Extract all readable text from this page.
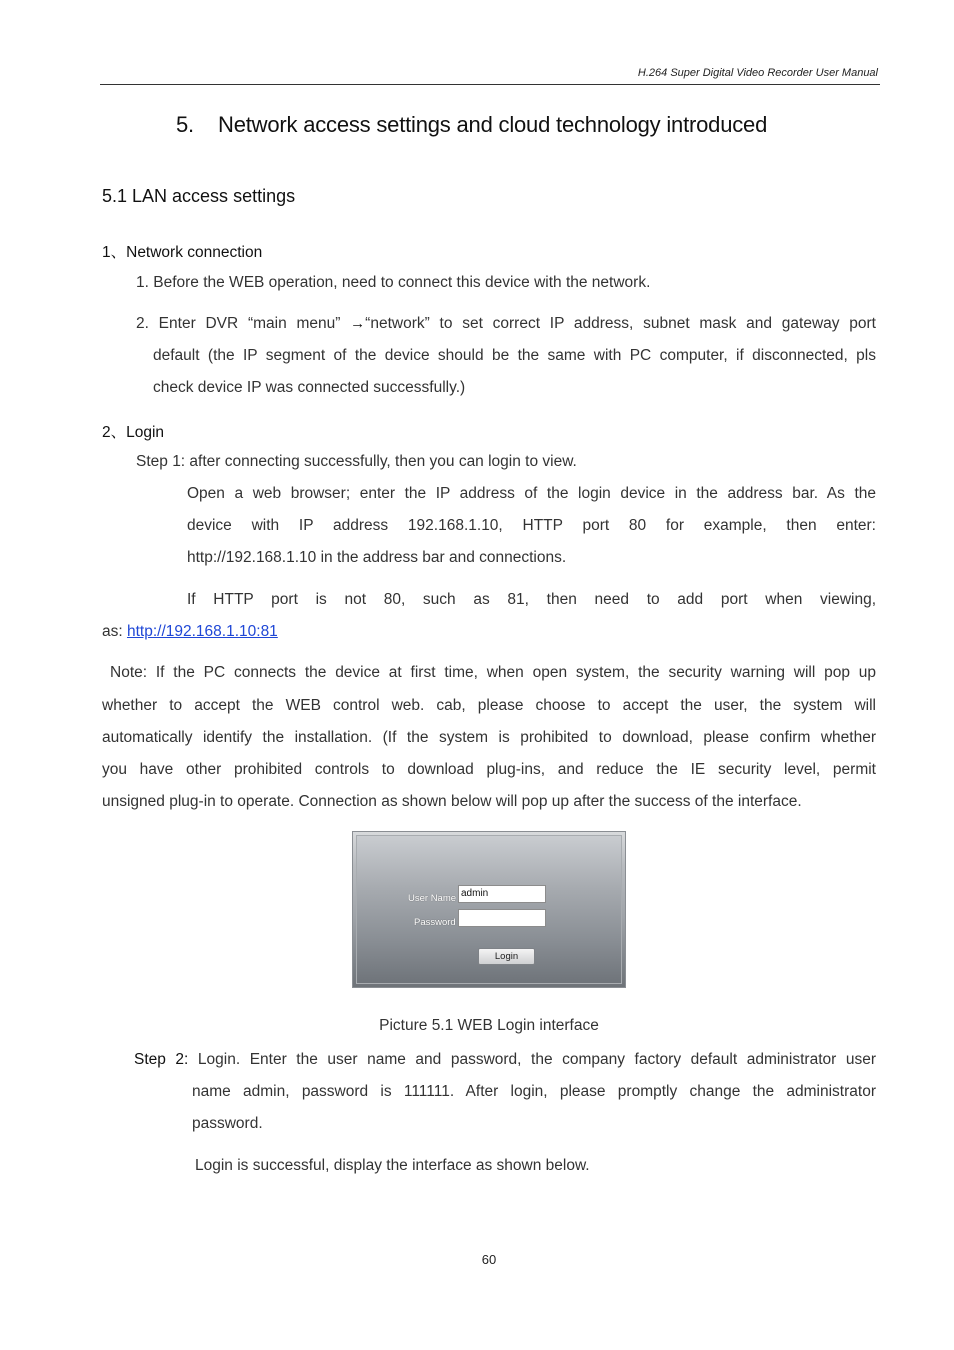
H.264 Super Digital Video Recorder User Manual
5. Network access settings and cloud technology introduced
5.1 LAN access settings
1、Network connection
1. Before the WEB operation, need to connect this device with the network.
2. Enter DVR “main menu” →“network” to set correct IP address, subnet mask and gateway port
default (the IP segment of the device should be the same with PC computer, if disconnected, pls
check device IP was connected successfully.)
2、Login
Step 1: after connecting successfully, then you can login to view.
Open a web browser; enter the IP address of the login device in the address bar. As the
device with IP address 192.168.1.10, HTTP port 80 for example, then enter:
http://192.168.1.10 in the address bar and connections.
If HTTP port is not 80, such as 81, then need to add port when viewing,
as: http://192.168.1.10:81
Note: If the PC connects the device at first time, when open system, the security warning will pop up
whether to accept the WEB control web. cab, please choose to accept the user, the system will
automatically identify the installation. (If the system is prohibited to download, please confirm whether
you have other prohibited controls to download plug-ins, and reduce the IE security level, permit
unsigned plug-in to operate. Connection as shown below will pop up after the success of the interface.
User Name admin
Password
Login
Picture 5.1 WEB Login interface
Step 2: Login. Enter the user name and password, the company factory default administrator user
name admin, password is 111111. After login, please promptly change the administrator
password.
Login is successful, display the interface as shown below.
60
